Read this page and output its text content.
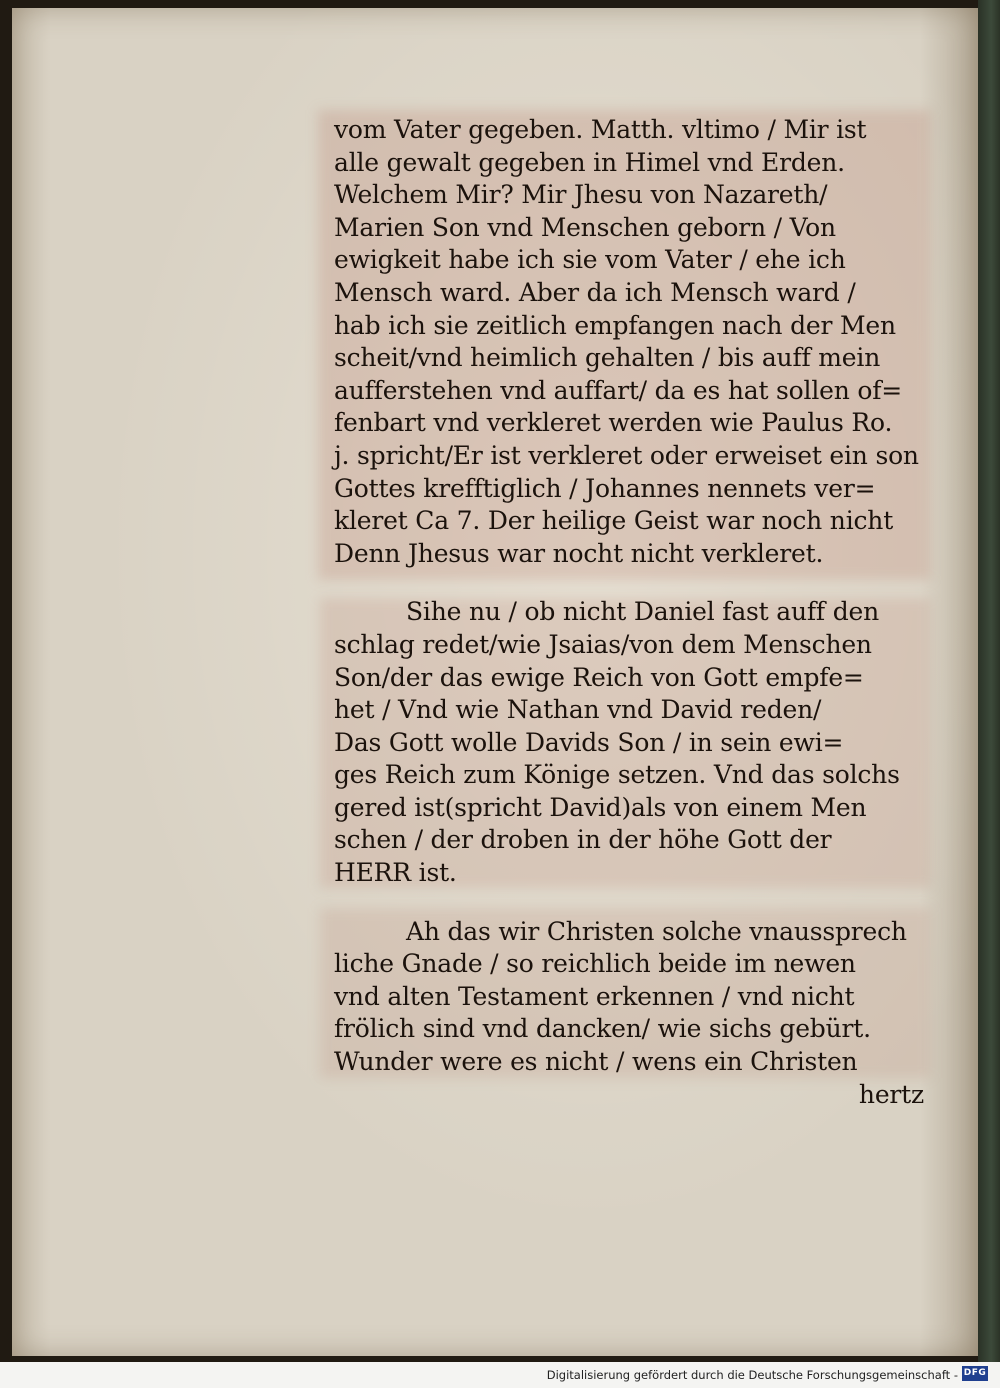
vom Vater gegeben. Matth. vltimo / Mir ist
alle gewalt gegeben in Himel vnd Erden.
Welchem Mir? Mir Jhesu von Nazareth/
Marien Son vnd Menschen geborn / Von
ewigkeit habe ich sie vom Vater / ehe ich
Mensch ward. Aber da ich Mensch ward /
hab ich sie zeitlich empfangen nach der Men
scheit/vnd heimlich gehalten / bis auff mein
aufferstehen vnd auffart/ da es hat sollen of=
fenbart vnd verkleret werden wie Paulus Ro.
j. spricht/Er ist verkleret oder erweiset ein son
Gottes krefftiglich / Johannes nennets ver=
kleret Ca 7. Der heilige Geist war noch nicht
Denn Jhesus war nocht nicht verkleret.
Sihe nu / ob nicht Daniel fast auff den
schlag redet/wie Jsaias/von dem Menschen
Son/der das ewige Reich von Gott empfe=
het / Vnd wie Nathan vnd David reden/
Das Gott wolle Davids Son / in sein ewi=
ges Reich zum Könige setzen. Vnd das solchs
gered ist(spricht David)als von einem Men
schen / der droben in der höhe Gott der
HERR ist.
Ah das wir Christen solche vnaussprech
liche Gnade / so reichlich beide im newen
vnd alten Testament erkennen / vnd nicht
frölich sind vnd dancken/ wie sichs gebürt.
Wunder were es nicht / wens ein Christen
hertz
Digitalisierung gefördert durch die Deutsche Forschungsgemeinschaft - DFG
